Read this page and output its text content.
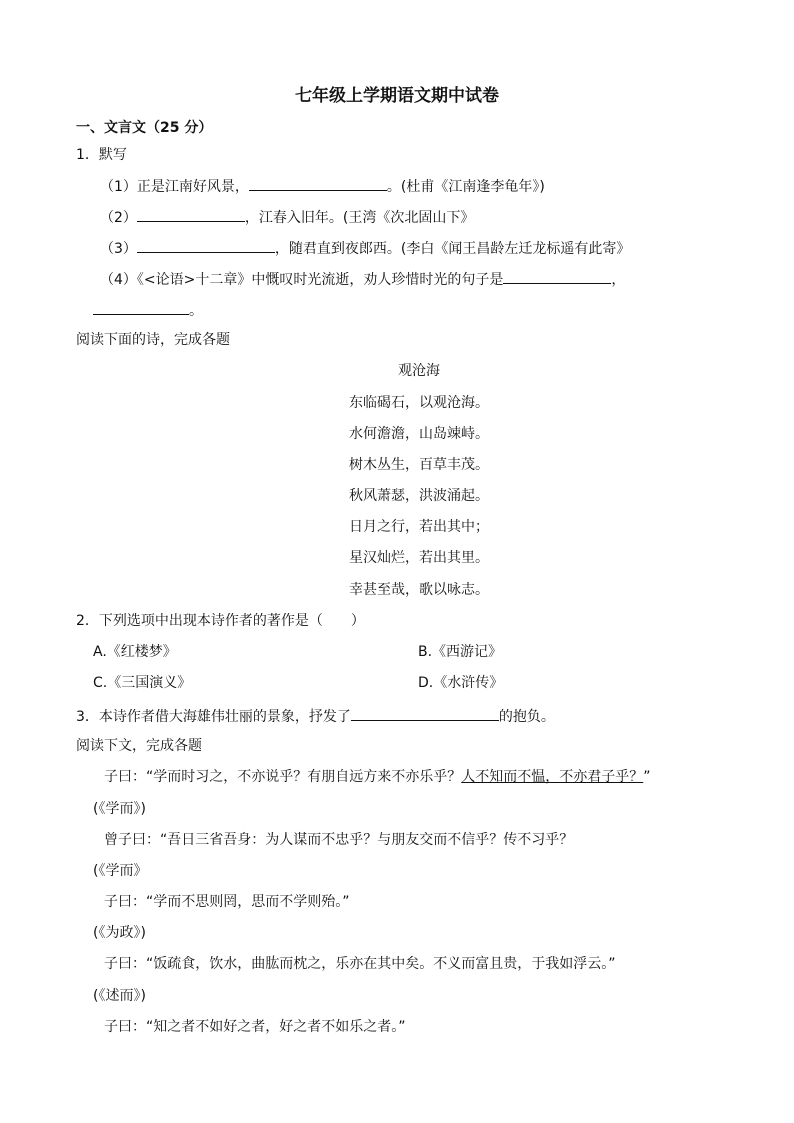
七年级上学期语文期中试卷
一、文言文（25 分）
1．默写
（1）正是江南好风景，	。(杜甫《江南逢李龟年》)
（2）	，江春入旧年。(王湾《次北固山下》
（3）	，随君直到夜郎西。(李白《闻王昌龄左迁龙标遥有此寄》
（4）《<论语>十二章》中慨叹时光流逝，劝人珍惜时光的句子是	，
。
阅读下面的诗，完成各题
观沧海
东临碣石，以观沧海。
水何澹澹，山岛竦峙。
树木丛生，百草丰茂。
秋风萧瑟，洪波涌起。
日月之行，若出其中；
星汉灿烂，若出其里。
幸甚至哉，歌以咏志。
2．下列选项中出现本诗作者的著作是（　　）
A.《红楼梦》	B.《西游记》
C.《三国演义》	D.《水浒传》
3．本诗作者借大海雄伟壮丽的景象，抒发了	的抱负。
阅读下文，完成各题
子曰：“学而时习之，不亦说乎？有朋自远方来不亦乐乎？人不知而不愠，不亦君子乎？”
(《学而》)
曾子曰：“吾日三省吾身：为人谋而不忠乎？与朋友交而不信乎？传不习乎？
(《学而》
子曰：“学而不思则罔，思而不学则殆。”
(《为政》)
子曰：“饭疏食，饮水，曲肱而枕之，乐亦在其中矣。不义而富且贵，于我如浮云。”
(《述而》)
子曰：“知之者不如好之者，好之者不如乐之者。”
